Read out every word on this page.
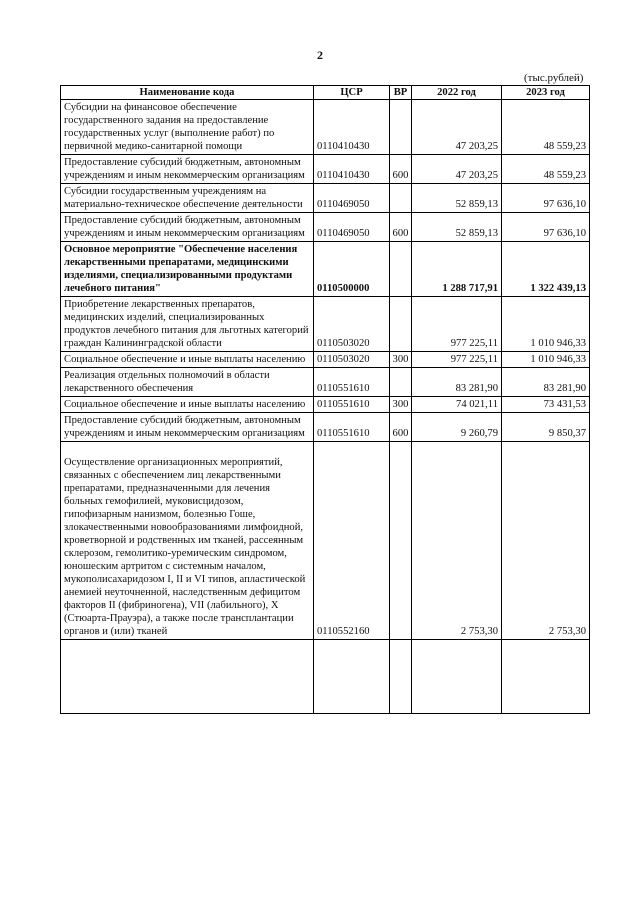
2
(тыс.рублей)
Наименование кода	ЦСР	ВР	2022 год	2023 год
Субсидии на финансовое обеспечение государственного задания на предоставление государственных услуг (выполнение работ) по первичной медико-санитарной помощи	0110410430		47 203,25	48 559,23
Предоставление субсидий бюджетным, автономным учреждениям и иным некоммерческим организациям	0110410430	600	47 203,25	48 559,23
Субсидии государственным учреждениям на материально-техническое обеспечение деятельности	0110469050		52 859,13	97 636,10
Предоставление субсидий бюджетным, автономным учреждениям и иным некоммерческим организациям	0110469050	600	52 859,13	97 636,10
Основное мероприятие "Обеспечение населения лекарственными препаратами, медицинскими изделиями, специализированными продуктами лечебного питания"	0110500000		1 288 717,91	1 322 439,13
Приобретение лекарственных препаратов, медицинских изделий, специализированных продуктов лечебного питания для льготных категорий граждан Калининградской области	0110503020		977 225,11	1 010 946,33
Социальное обеспечение и иные выплаты населению	0110503020	300	977 225,11	1 010 946,33
Реализация отдельных полномочий в области лекарственного обеспечения	0110551610		83 281,90	83 281,90
Социальное обеспечение и иные выплаты населению	0110551610	300	74 021,11	73 431,53
Предоставление субсидий бюджетным, автономным учреждениям и иным некоммерческим организациям	0110551610	600	9 260,79	9 850,37
Осуществление организационных мероприятий, связанных с обеспечением лиц лекарственными препаратами, предназначенными для лечения больных гемофилией, муковисцидозом, гипофизарным нанизмом, болезнью Гоше, злокачественными новообразованиями лимфоидной, кроветворной и родственных им тканей, рассеянным склерозом, гемолитико-уремическим синдромом, юношеским артритом с системным началом, мукополисахаридозом I, II и VI типов, апластической анемией неуточненной, наследственным дефицитом факторов II (фибриногена), VII (лабильного), X (Стюарта-Прауэра), а также после трансплантации органов и (или) тканей	0110552160		2 753,30	2 753,30
